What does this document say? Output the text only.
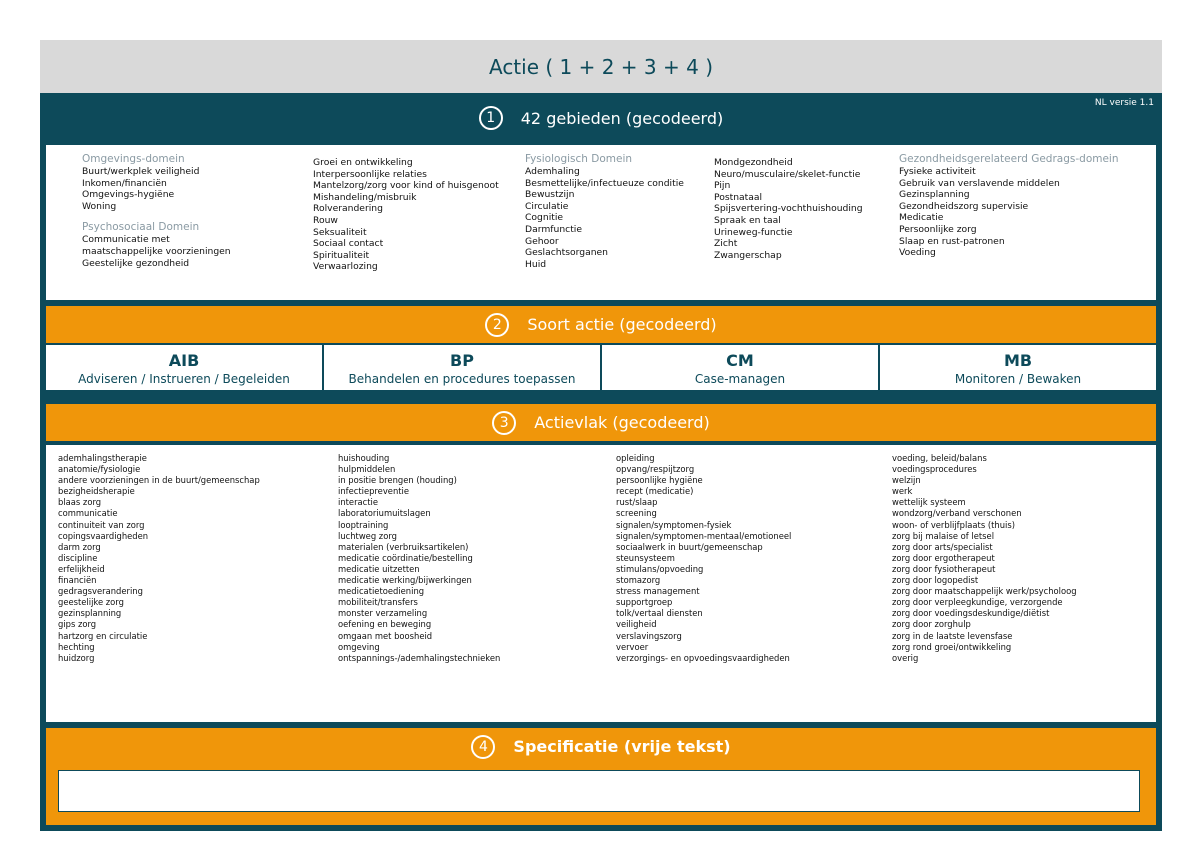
Actie ( 1 + 2 + 3 + 4 )
1	42 gebieden (gecodeerd)
NL versie 1.1
Omgevings-domein
Buurt/werkplek veiligheid
Inkomen/financiën
Omgevings-hygiëne
Woning
Psychosociaal Domein
Communicatie met
maatschappelijke voorzieningen
Geestelijke gezondheid
Groei en ontwikkeling
Interpersoonlijke relaties
Mantelzorg/zorg voor kind of huisgenoot
Mishandeling/misbruik
Rolverandering
Rouw
Seksualiteit
Sociaal contact
Spiritualiteit
Verwaarlozing
Fysiologisch Domein
Ademhaling
Besmettelijke/infectueuze conditie
Bewustzijn
Circulatie
Cognitie
Darmfunctie
Gehoor
Geslachtsorganen
Huid
Mondgezondheid
Neuro/musculaire/skelet-functie
Pijn
Postnataal
Spijsvertering-vochthuishouding
Spraak en taal
Urineweg-functie
Zicht
Zwangerschap
Gezondheidsgerelateerd Gedrags-domein
Fysieke activiteit
Gebruik van verslavende middelen
Gezinsplanning
Gezondheidszorg supervisie
Medicatie
Persoonlijke zorg
Slaap en rust-patronen
Voeding
2	Soort actie (gecodeerd)
AIB
Adviseren / Instrueren / Begeleiden
BP
Behandelen en procedures toepassen
CM
Case-managen
MB
Monitoren / Bewaken
3	Actievlak (gecodeerd)
ademhalingstherapie
anatomie/fysiologie
andere voorzieningen in de buurt/gemeenschap
bezigheidsherapie
blaas zorg
communicatie
continuiteit van zorg
copingsvaardigheden
darm zorg
discipline
erfelijkheid
financiën
gedragsverandering
geestelijke zorg
gezinsplanning
gips zorg
hartzorg en circulatie
hechting
huidzorg
huishouding
hulpmiddelen
in positie brengen (houding)
infectiepreventie
interactie
laboratoriumuitslagen
looptraining
luchtweg zorg
materialen (verbruiksartikelen)
medicatie coördinatie/bestelling
medicatie uitzetten
medicatie werking/bijwerkingen
medicatietoediening
mobiliteit/transfers
monster verzameling
oefening en beweging
omgaan met boosheid
omgeving
ontspannings-/ademhalingstechnieken
opleiding
opvang/respijtzorg
persoonlijke hygiëne
recept (medicatie)
rust/slaap
screening
signalen/symptomen-fysiek
signalen/symptomen-mentaal/emotioneel
sociaalwerk in buurt/gemeenschap
steunsysteem
stimulans/opvoeding
stomazorg
stress management
supportgroep
tolk/vertaal diensten
veiligheid
verslavingszorg
vervoer
verzorgings- en opvoedingsvaardigheden
voeding, beleid/balans
voedingsprocedures
welzijn
werk
wettelijk systeem
wondzorg/verband verschonen
woon- of verblijfplaats (thuis)
zorg bij malaise of letsel
zorg door arts/specialist
zorg door ergotherapeut
zorg door fysiotherapeut
zorg door logopedist
zorg door maatschappelijk werk/psycholoog
zorg door verpleegkundige, verzorgende
zorg door voedingsdeskundige/diëtist
zorg door zorghulp
zorg in de laatste levensfase
zorg rond groei/ontwikkeling
overig
4	Specificatie (vrije tekst)
